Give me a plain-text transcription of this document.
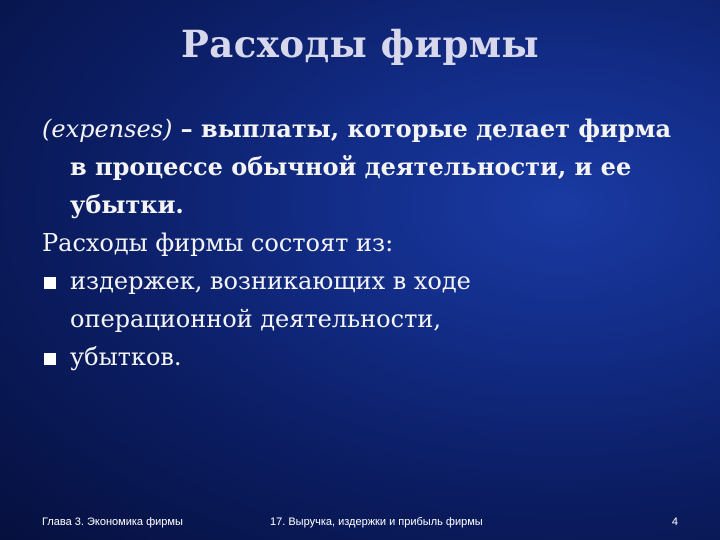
Расходы фирмы

(expenses) – выплаты, которые делает фирма
в процессе обычной деятельности, и ее
убытки.

Расходы фирмы состоят из:

издержек, возникающих в ходе
операционной деятельности,
убытков.
Глава 3. Экономика фирмы	17. Выручка, издержки и прибыль фирмы	4
